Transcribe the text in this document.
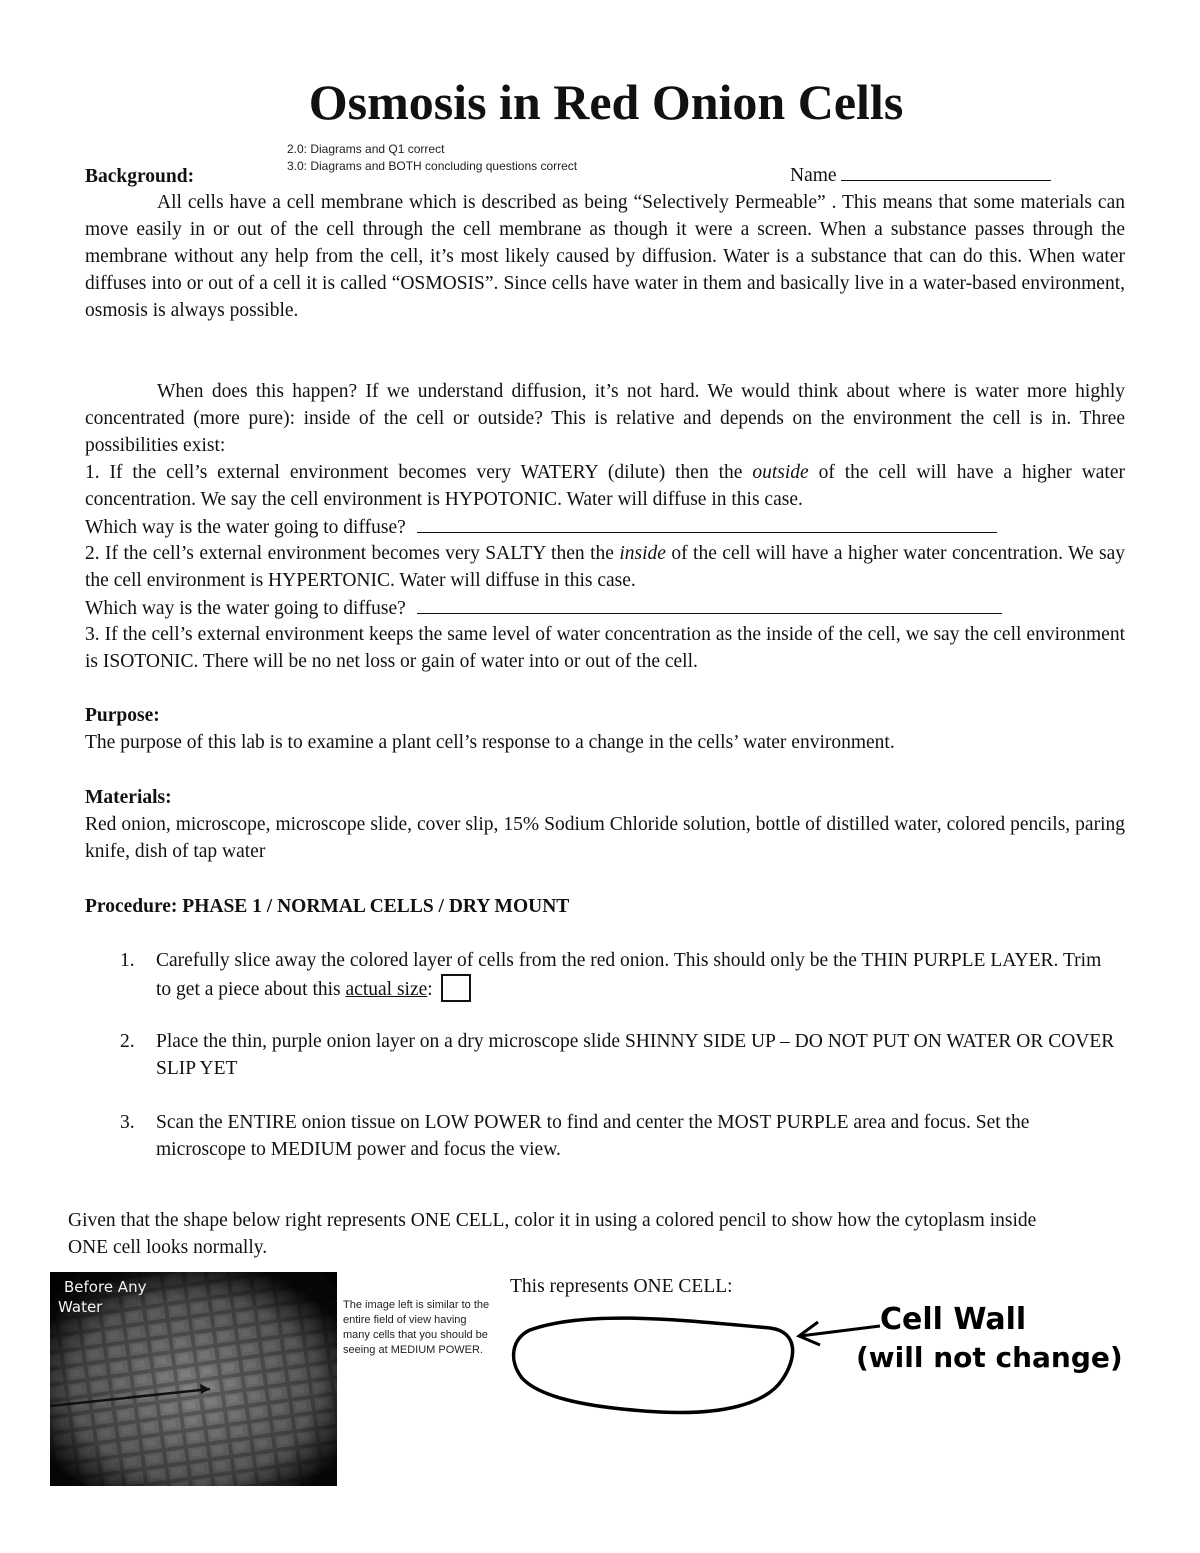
Osmosis in Red Onion Cells
2.0: Diagrams and Q1 correct
3.0: Diagrams and BOTH concluding questions correct
Background:	Name

All cells have a cell membrane which is described as being “Selectively Permeable” . This means that some materials can move easily in or out of the cell through the cell membrane as though it were a screen. When a substance passes through the membrane without any help from the cell, it’s most likely caused by diffusion. Water is a substance that can do this. When water diffuses into or out of a cell it is called “OSMOSIS”. Since cells have water in them and basically live in a water-based environment, osmosis is always possible.

When does this happen? If we understand diffusion, it’s not hard. We would think about where is water more highly concentrated (more pure): inside of the cell or outside? This is relative and depends on the environment the cell is in. Three possibilities exist:

1. If the cell’s external environment becomes very WATERY (dilute) then the outside of the cell will have a higher water concentration. We say the cell environment is HYPOTONIC. Water will diffuse in this case.

Which way is the water going to diffuse?

2. If the cell’s external environment becomes very SALTY then the inside of the cell will have a higher water concentration. We say the cell environment is HYPERTONIC. Water will diffuse in this case.

Which way is the water going to diffuse?

3. If the cell’s external environment keeps the same level of water concentration as the inside of the cell, we say the cell environment is ISOTONIC. There will be no net loss or gain of water into or out of the cell.

Purpose:

The purpose of this lab is to examine a plant cell’s response to a change in the cells’ water environment.

Materials:

Red onion, microscope, microscope slide, cover slip, 15% Sodium Chloride solution, bottle of distilled water, colored pencils, paring knife, dish of tap water

Procedure: PHASE 1 / NORMAL CELLS / DRY MOUNT
1. Carefully slice away the colored layer of cells from the red onion. This should only be the THIN PURPLE LAYER. Trim to get a piece about this actual size:
2. Place the thin, purple onion layer on a dry microscope slide SHINNY SIDE UP – DO NOT PUT ON WATER OR COVER SLIP YET
3. Scan the ENTIRE onion tissue on LOW POWER to find and center the MOST PURPLE area and focus. Set the microscope to MEDIUM power and focus the view.

Given that the shape below right represents ONE CELL, color it in using a colored pencil to show how the cytoplasm inside ONE cell looks normally.

Before Any
Water	The image left is similar to the entire field of view having many cells that you should be seeing at MEDIUM POWER.
This represents ONE CELL:
Cell Wall
(will not change)
